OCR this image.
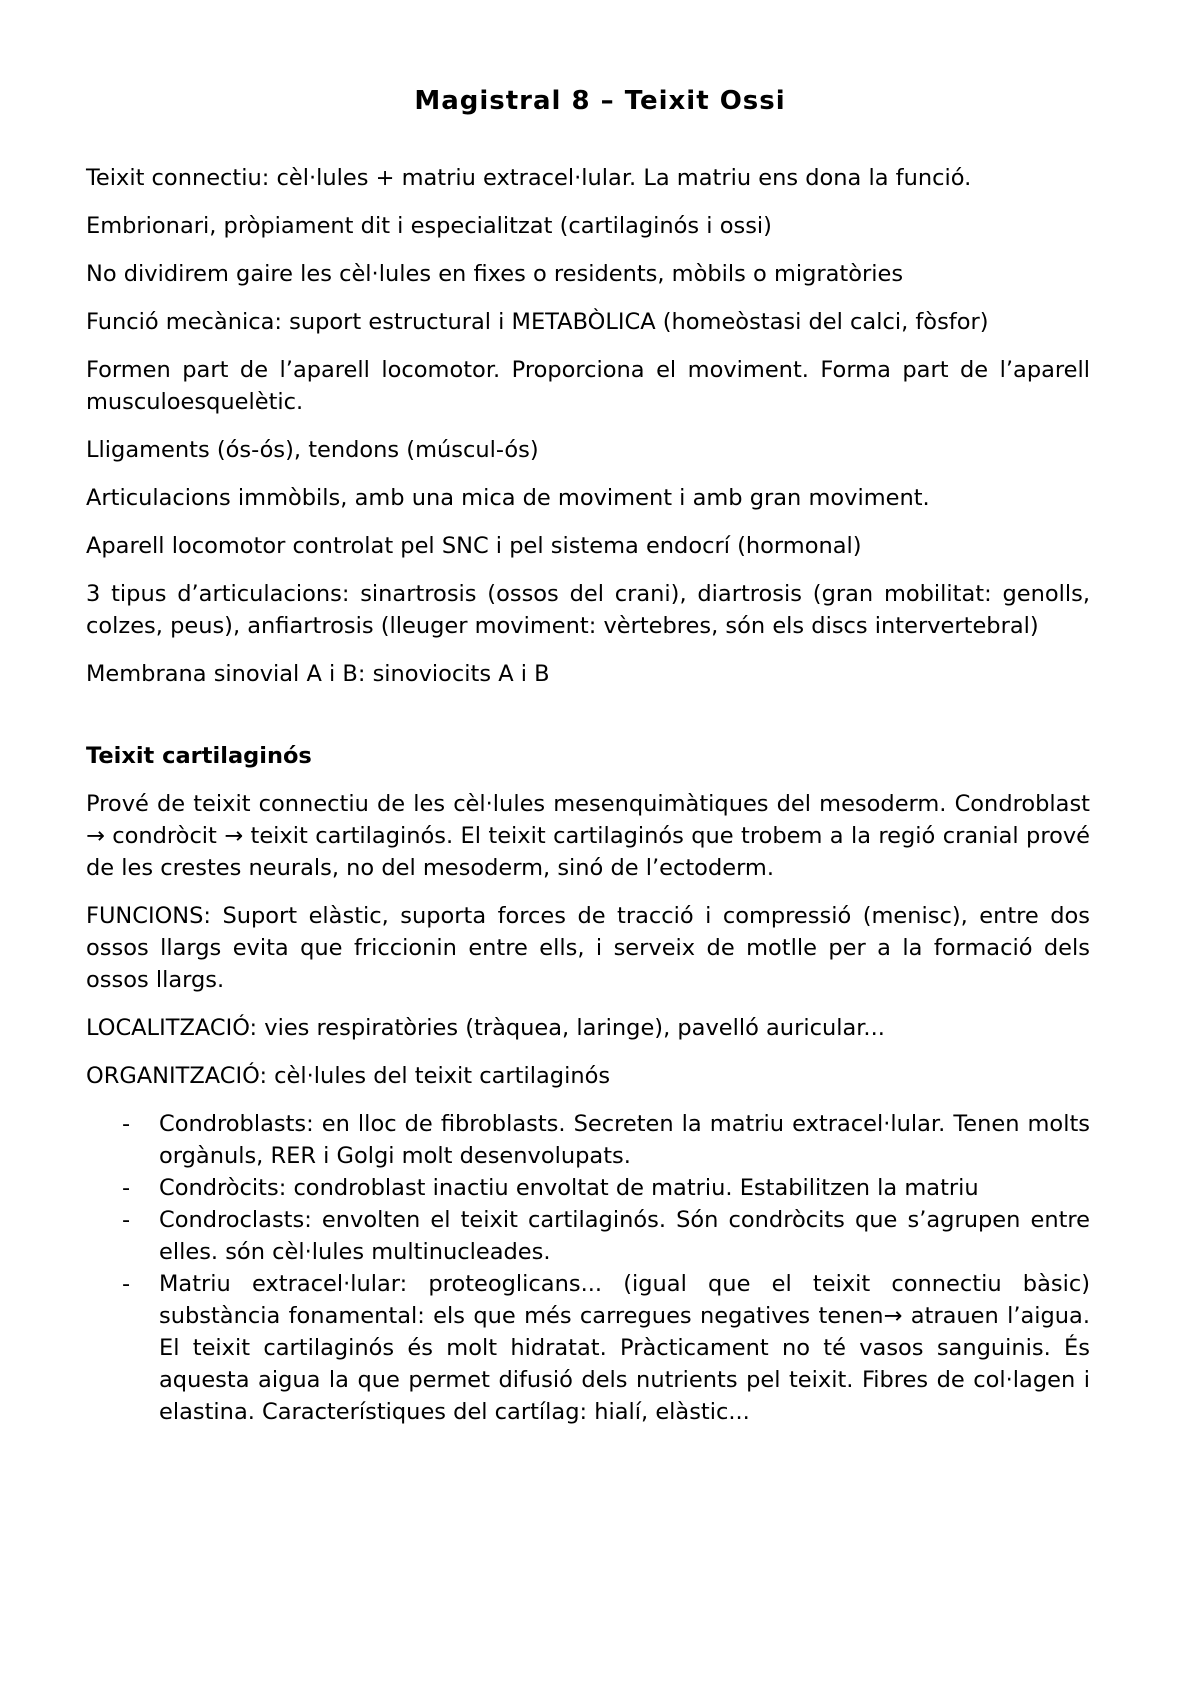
Magistral 8 – Teixit Ossi

Teixit connectiu: cèl·lules + matriu extracel·lular. La matriu ens dona la funció.

Embrionari, pròpiament dit i especialitzat (cartilaginós i ossi)

No dividirem gaire les cèl·lules en fixes o residents, mòbils o migratòries

Funció mecànica: suport estructural i METABÒLICA (homeòstasi del calci, fòsfor)

Formen part de l’aparell locomotor. Proporciona el moviment. Forma part de l’aparell musculoesquelètic.

Lligaments (ós-ós), tendons (múscul-ós)

Articulacions immòbils, amb una mica de moviment i amb gran moviment.

Aparell locomotor controlat pel SNC i pel sistema endocrí (hormonal)

3 tipus d’articulacions: sinartrosis (ossos del crani), diartrosis (gran mobilitat: genolls, colzes, peus), anfiartrosis (lleuger moviment: vèrtebres, són els discs intervertebral)

Membrana sinovial A i B: sinoviocits A i B

Teixit cartilaginós

Prové de teixit connectiu de les cèl·lules mesenquimàtiques del mesoderm. Condroblast → condròcit → teixit cartilaginós. El teixit cartilaginós que trobem a la regió cranial prové de les crestes neurals, no del mesoderm, sinó de l’ectoderm.

FUNCIONS: Suport elàstic, suporta forces de tracció i compressió (menisc), entre dos ossos llargs evita que friccionin entre ells, i serveix de motlle per a la formació dels ossos llargs.

LOCALITZACIÓ: vies respiratòries (tràquea, laringe), pavelló auricular...

ORGANITZACIÓ: cèl·lules del teixit cartilaginós

- Condroblasts: en lloc de fibroblasts. Secreten la matriu extracel·lular. Tenen molts orgànuls, RER i Golgi molt desenvolupats.
- Condròcits: condroblast inactiu envoltat de matriu. Estabilitzen la matriu
- Condroclasts: envolten el teixit cartilaginós. Són condròcits que s’agrupen entre elles. són cèl·lules multinucleades.
- Matriu extracel·lular: proteoglicans... (igual que el teixit connectiu bàsic) substància fonamental: els que més carregues negatives tenen→ atrauen l’aigua. El teixit cartilaginós és molt hidratat. Pràcticament no té vasos sanguinis. És aquesta aigua la que permet difusió dels nutrients pel teixit. Fibres de col·lagen i elastina. Característiques del cartílag: hialí, elàstic...
